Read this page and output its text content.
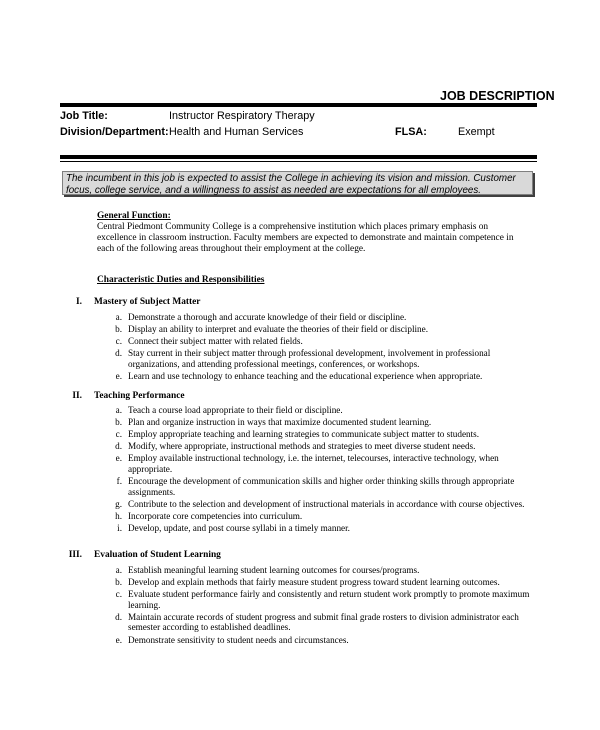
JOB DESCRIPTION
Job Title:	Instructor Respiratory Therapy
Division/Department: Health and Human Services	FLSA:	Exempt
The incumbent in this job is expected to assist the College in achieving its vision and mission. Customer focus, college service, and a willingness to assist as needed are expectations for all employees.
General Function:
Central Piedmont Community College is a comprehensive institution which places primary emphasis on excellence in classroom instruction. Faculty members are expected to demonstrate and maintain competence in each of the following areas throughout their employment at the college.
Characteristic Duties and Responsibilities
I. Mastery of Subject Matter
a. Demonstrate a thorough and accurate knowledge of their field or discipline.
b. Display an ability to interpret and evaluate the theories of their field or discipline.
c. Connect their subject matter with related fields.
d. Stay current in their subject matter through professional development, involvement in professional organizations, and attending professional meetings, conferences, or workshops.
e. Learn and use technology to enhance teaching and the educational experience when appropriate.
II. Teaching Performance
a. Teach a course load appropriate to their field or discipline.
b. Plan and organize instruction in ways that maximize documented student learning.
c. Employ appropriate teaching and learning strategies to communicate subject matter to students.
d. Modify, where appropriate, instructional methods and strategies to meet diverse student needs.
e. Employ available instructional technology, i.e. the internet, telecourses, interactive technology, when appropriate.
f. Encourage the development of communication skills and higher order thinking skills through appropriate assignments.
g. Contribute to the selection and development of instructional materials in accordance with course objectives.
h. Incorporate core competencies into curriculum.
i. Develop, update, and post course syllabi in a timely manner.
III. Evaluation of Student Learning
a. Establish meaningful learning student learning outcomes for courses/programs.
b. Develop and explain methods that fairly measure student progress toward student learning outcomes.
c. Evaluate student performance fairly and consistently and return student work promptly to promote maximum learning.
d. Maintain accurate records of student progress and submit final grade rosters to division administrator each semester according to established deadlines.
e. Demonstrate sensitivity to student needs and circumstances.
